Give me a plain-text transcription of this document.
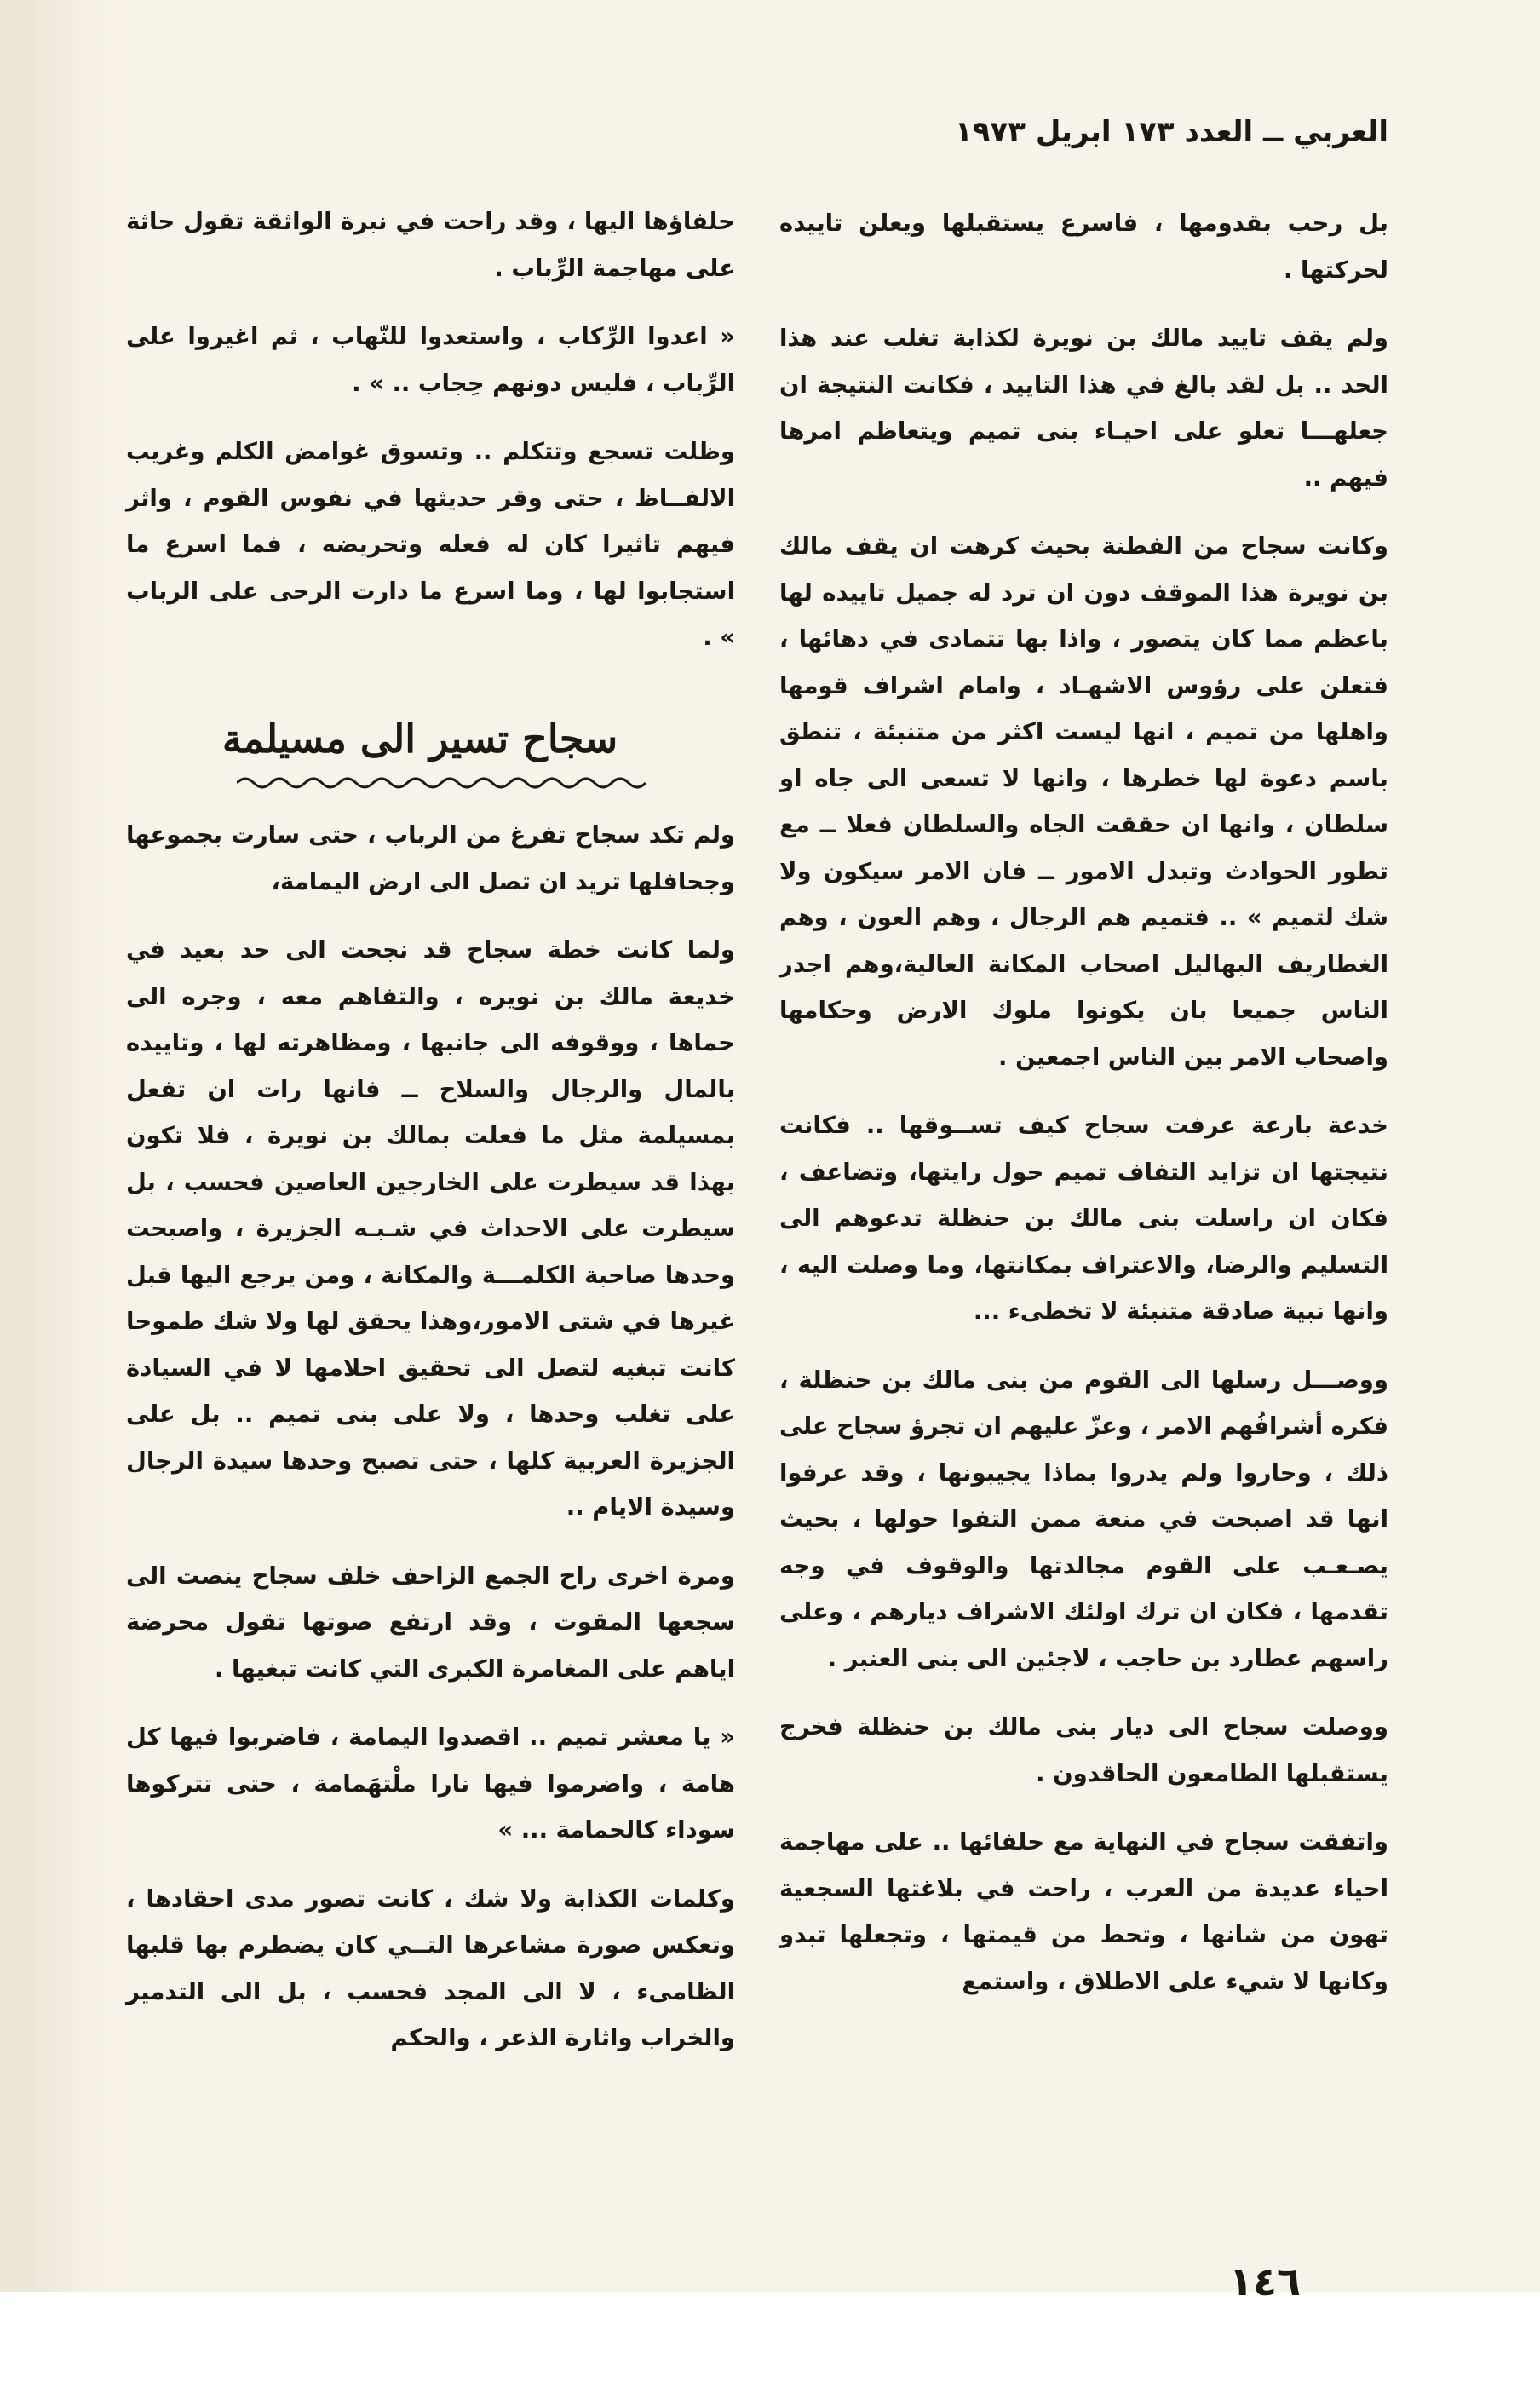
العربي ــ العدد ١٧٣ ابريل ١٩٧٣

بل رحب بقدومها ، فاسرع يستقبلها ويعلن تاييده لحركتها .

ولم يقف تاييد مالك بن نويرة لكذابة تغلب عند هذا الحد .. بل لقد بالغ في هذا التاييد ، فكانت النتيجة ان جعلهـــا تعلو على احيـاء بنى تميم ويتعاظم امرها فيهم ..

وكانت سجاح من الفطنة بحيث كرهت ان يقف مالك بن نويرة هذا الموقف دون ان ترد له جميل تاييده لها باعظم مما كان يتصور ، واذا بها تتمادى في دهائها ، فتعلن على رؤوس الاشهـاد ، وامام اشراف قومها واهلها من تميم ، انها ليست اكثر من متنبئة ، تنطق باسم دعوة لها خطرها ، وانها لا تسعى الى جاه او سلطان ، وانها ان حققت الجاه والسلطان فعلا ــ مع تطور الحوادث وتبدل الامور ــ فان الامر سيكون ولا شك لتميم » .. فتميم هم الرجال ، وهم العون ، وهم الغطاريف البهاليل اصحاب المكانة العالية،وهم اجدر الناس جميعا بان يكونوا ملوك الارض وحكامها واصحاب الامر بين الناس اجمعين .

خدعة بارعة عرفت سجاح كيف تســوقها .. فكانت نتيجتها ان تزايد التفاف تميم حول رايتها، وتضاعف ، فكان ان راسلت بنى مالك بن حنظلة تدعوهم الى التسليم والرضا، والاعتراف بمكانتها، وما وصلت اليه ، وانها نبية صادقة متنبئة لا تخطىء ...

ووصـــل رسلها الى القوم من بنى مالك بن حنظلة ، فكره أشرافُهم الامر ، وعزّ عليهم ان تجرؤ سجاح على ذلك ، وحاروا ولم يدروا بماذا يجيبونها ، وقد عرفوا انها قد اصبحت في منعة ممن التفوا حولها ، بحيث يصـعـب على القوم مجالدتها والوقوف في وجه تقدمها ، فكان ان ترك اولئك الاشراف ديارهم ، وعلى راسهم عطارد بن حاجب ، لاجئين الى بنى العنبر .

ووصلت سجاح الى ديار بنى مالك بن حنظلة فخرج يستقبلها الطامعون الحاقدون .

واتفقت سجاح في النهاية مع حلفائها .. على مهاجمة احياء عديدة من العرب ، راحت في بلاغتها السجعية تهون من شانها ، وتحط من قيمتها ، وتجعلها تبدو وكانها لا شيء على الاطلاق ، واستمع

حلفاؤها اليها ، وقد راحت في نبرة الواثقة تقول حاثة على مهاجمة الرِّباب .

« اعدوا الرِّكاب ، واستعدوا للنّهاب ، ثم اغيروا على الرِّباب ، فليس دونهم حِجاب .. » .

وظلت تسجع وتتكلم .. وتسوق غوامض الكلم وغريب الالفــاظ ، حتى وقر حديثها في نفوس القوم ، واثر فيهم تاثيرا كان له فعله وتحريضه ، فما اسرع ما استجابوا لها ، وما اسرع ما دارت الرحى على الرباب » .

سجاح تسير الى مسيلمة

ولم تكد سجاح تفرغ من الرباب ، حتى سارت بجموعها وجحافلها تريد ان تصل الى ارض اليمامة،

ولما كانت خطة سجاح قد نجحت الى حد بعيد في خديعة مالك بن نويره ، والتفاهم معه ، وجره الى حماها ، ووقوفه الى جانبها ، ومظاهرته لها ، وتاييده بالمال والرجال والسلاح ــ فانها رات ان تفعل بمسيلمة مثل ما فعلت بمالك بن نويرة ، فلا تكون بهذا قد سيطرت على الخارجين العاصين فحسب ، بل سيطرت على الاحداث في شـبـه الجزيرة ، واصبحت وحدها صاحبة الكلمـــة والمكانة ، ومن يرجع اليها قبل غيرها في شتى الامور،وهذا يحقق لها ولا شك طموحا كانت تبغيه لتصل الى تحقيق احلامها لا في السيادة على تغلب وحدها ، ولا على بنى تميم .. بل على الجزيرة العربية كلها ، حتى تصبح وحدها سيدة الرجال وسيدة الايام ..

ومرة اخرى راح الجمع الزاحف خلف سجاح ينصت الى سجعها المقوت ، وقد ارتفع صوتها تقول محرضة اياهم على المغامرة الكبرى التي كانت تبغيها .

« يا معشر تميم .. اقصدوا اليمامة ، فاضربوا فيها كل هامة ، واضرموا فيها نارا ملْتهَمامة ، حتى تتركوها سوداء كالحمامة ... »

وكلمات الكذابة ولا شك ، كانت تصور مدى احقادها ، وتعكس صورة مشاعرها التــي كان يضطرم بها قلبها الظامىء ، لا الى المجد فحسب ، بل الى التدمير والخراب واثارة الذعر ، والحكم

١٤٦
